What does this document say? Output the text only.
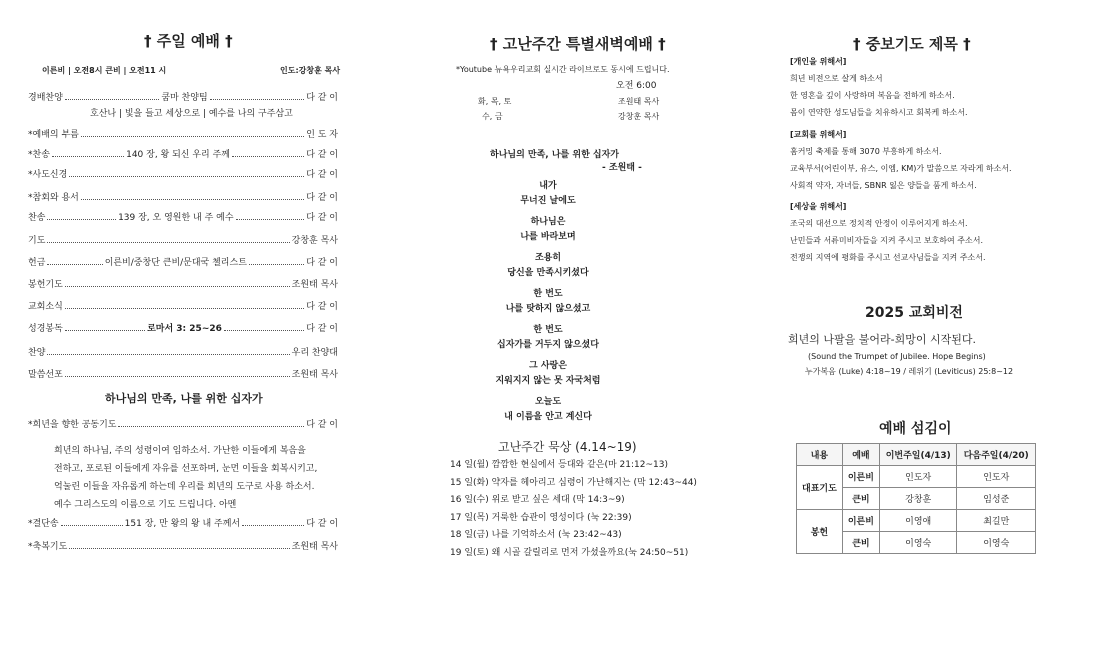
† 주일 예배 †
이른비 | 오전8시 큰비 | 오전11 시	인도:강창훈 목사
호산나 | 빛을 들고 세상으로 | 예수를 나의 구주삼고
경배찬양	쿰마 찬양팀	다 같 이
*예배의 부름	인 도 자
*찬송	140 장, 왕 되신 우리 주께	다 같 이
*사도신경	다 같 이
*참회와 용서	다 같 이
찬송	139 장, 오 영원한 내 주 예수	다 같 이
기도	강창훈 목사
헌금	이른비/중창단 큰비/문대국 첼리스트	다 같 이
봉헌기도	조원태 목사
교회소식	다 같 이
성경봉독	로마서 3: 25~26	다 같 이
찬양	우리 찬양대
말씀선포	조원태 목사
하나님의 만족, 나를 위한 십자가
*희년을 향한 공동기도	다 같 이
희년의 하나님, 주의 성령이여 임하소서. 가난한 이들에게 복음을
전하고, 포로된 이들에게 자유를 선포하며, 눈먼 이들을 회복시키고,
억눌린 이들을 자유롭게 하는데 우리를 희년의 도구로 사용 하소서.
예수 그리스도의 이름으로 기도 드립니다. 아멘
*결단송	151 장, 만 왕의 왕 내 주께서	다 같 이
*축복기도	조원태 목사
† 고난주간 특별새벽예배 †
*Youtube 뉴욕우리교회 실시간 라이브로도 동시에 드립니다.
오전 6:00
화, 목, 토	조원태 목사
수, 금	강창훈 목사
하나님의 만족, 나를 위한 십자가
- 조원태 -
내가
무너진 날에도
하나님은
나를 바라보며
조용히
당신을 만족시키셨다
한 번도
나를 탓하지 않으셨고
한 번도
십자가를 거두지 않으셨다
그 사랑은
지워지지 않는 못 자국처럼
오늘도
내 이름을 안고 계신다
고난주간 묵상 (4.14~19)
14 일(월) 깜깜한 현실에서 등대와 같은(마 21:12~13)
15 일(화) 약자를 헤아리고 심령이 가난해지는 (막 12:43~44)
16 일(수) 위로 받고 싶은 세대 (막 14:3~9)
17 일(목) 거룩한 습관이 영성이다 (눅 22:39)
18 일(금) 나를 기억하소서 (눅 23:42~43)
19 일(토) 왜 시골 갈릴리로 먼저 가셨을까요(눅 24:50~51)
† 중보기도 제목 †
[개인을 위해서]
희년 비전으로 살게 하소서
한 영혼을 깊이 사랑하며 복음을 전하게 하소서.
몸이 연약한 성도님들을 치유하시고 회복케 하소서.
[교회를 위해서]
홈커밍 축제를 통해 3070 부흥하게 하소서.
교육부서(어린이부, 유스, 이엠, KM)가 말씀으로 자라게 하소서.
사회적 약자, 자녀들, SBNR 잃은 양들을 품게 하소서.
[세상을 위해서]
조국의 대선으로 정치적 안정이 이루어지게 하소서.
난민들과 서류미비자들을 지켜 주시고 보호하여 주소서.
전쟁의 지역에 평화를 주시고 선교사님들을 지켜 주소서.
2025 교회비전
희년의 나팔을 불어라-희망이 시작된다.
(Sound the Trumpet of Jubilee. Hope Begins)
누가복음 (Luke) 4:18~19 / 레위기 (Leviticus) 25:8~12
예배 섬김이
내용	예배	이번주일(4/13)	다음주일(4/20)
대표기도	이른비	인도자	인도자
	큰비	강창훈	임성준
봉헌	이른비	이영애	최길만
	큰비	이영숙	이영숙
